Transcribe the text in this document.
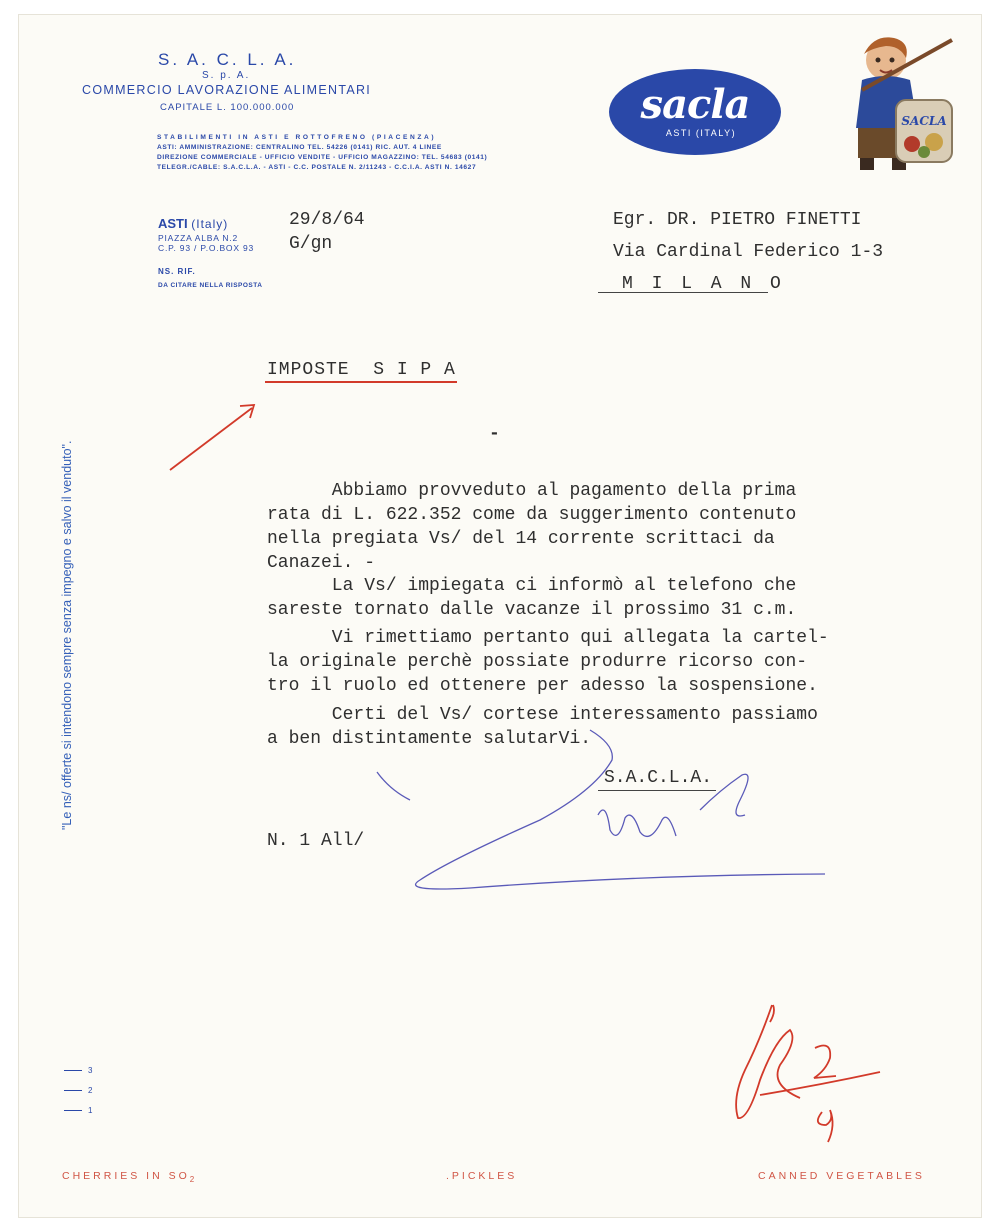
S. A. C. L. A.
S. p. A.
COMMERCIO LAVORAZIONE ALIMENTARI
CAPITALE L. 100.000.000
STABILIMENTI IN ASTI E ROTTOFRENO (PIACENZA)
ASTI: AMMINISTRAZIONE: CENTRALINO TEL. 54226 (0141) RIC. AUT. 4 LINEE
DIREZIONE COMMERCIALE - UFFICIO VENDITE - UFFICIO MAGAZZINO: TEL. 54683 (0141)
TELEGR./CABLE: S.A.C.L.A. - ASTI - C.C. POSTALE N. 2/11243 - C.C.I.A. ASTI N. 14627
ASTI (Italy)
PIAZZA ALBA N.2
C.P. 93 / P.O.BOX 93
NS. RIF.
DA CITARE NELLA RISPOSTA
sacla
ASTI (ITALY)
SACLA
"Le ns/ offerte si intendono sempre senza impegno e salvo il venduto".
29/8/64
G/gn
Egr. DR. PIETRO FINETTI
Via Cardinal Federico 1-3
M I L A N O
IMPOSTE  S I P A
-
Abbiamo provveduto al pagamento della prima
rata di L. 622.352 come da suggerimento contenuto
nella pregiata Vs/ del 14 corrente scrittaci da
Canazei. -
La Vs/ impiegata ci informò al telefono che
sareste tornato dalle vacanze il prossimo 31 c.m.
Vi rimettiamo pertanto qui allegata la cartel-
la originale perchè possiate produrre ricorso con-
tro il ruolo ed ottenere per adesso la sospensione.
Certi del Vs/ cortese interessamento passiamo
a ben distintamente salutarVi.
S.A.C.L.A.
N. 1 All/
3
2
1
CHERRIES IN $SO_2$	.PICKLES	CANNED VEGETABLES
